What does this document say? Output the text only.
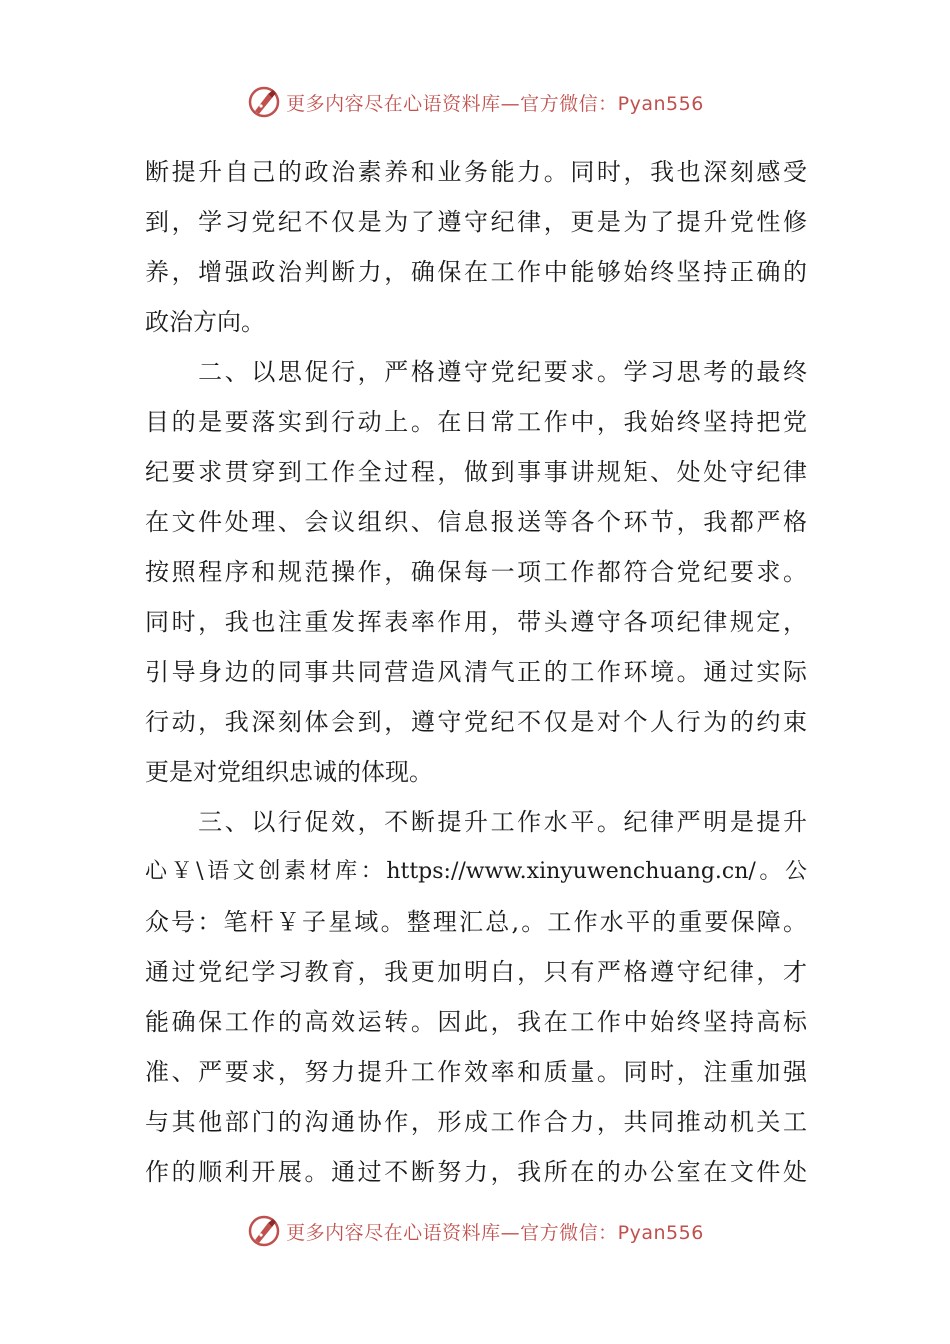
更多内容尽在心语资料库—官方微信：Pyan556
断提升自己的政治素养和业务能力。同时，我也深刻感受
到，学习党纪不仅是为了遵守纪律，更是为了提升党性修
养，增强政治判断力，确保在工作中能够始终坚持正确的
政治方向。
　　二、以思促行，严格遵守党纪要求。学习思考的最终
目的是要落实到行动上。在日常工作中，我始终坚持把党
纪要求贯穿到工作全过程，做到事事讲规矩、处处守纪律
在文件处理、会议组织、信息报送等各个环节，我都严格
按照程序和规范操作，确保每一项工作都符合党纪要求。
同时，我也注重发挥表率作用，带头遵守各项纪律规定，
引导身边的同事共同营造风清气正的工作环境。通过实际
行动，我深刻体会到，遵守党纪不仅是对个人行为的约束
更是对党组织忠诚的体现。
　　三、以行促效，不断提升工作水平。纪律严明是提升
心￥\语文创素材库：https://www.xinyuwenchuang.cn/。公
众号：笔杆￥子星域。整理汇总,。工作水平的重要保障。
通过党纪学习教育，我更加明白，只有严格遵守纪律，才
能确保工作的高效运转。因此，我在工作中始终坚持高标
准、严要求，努力提升工作效率和质量。同时，注重加强
与其他部门的沟通协作，形成工作合力，共同推动机关工
作的顺利开展。通过不断努力，我所在的办公室在文件处
更多内容尽在心语资料库—官方微信：Pyan556
